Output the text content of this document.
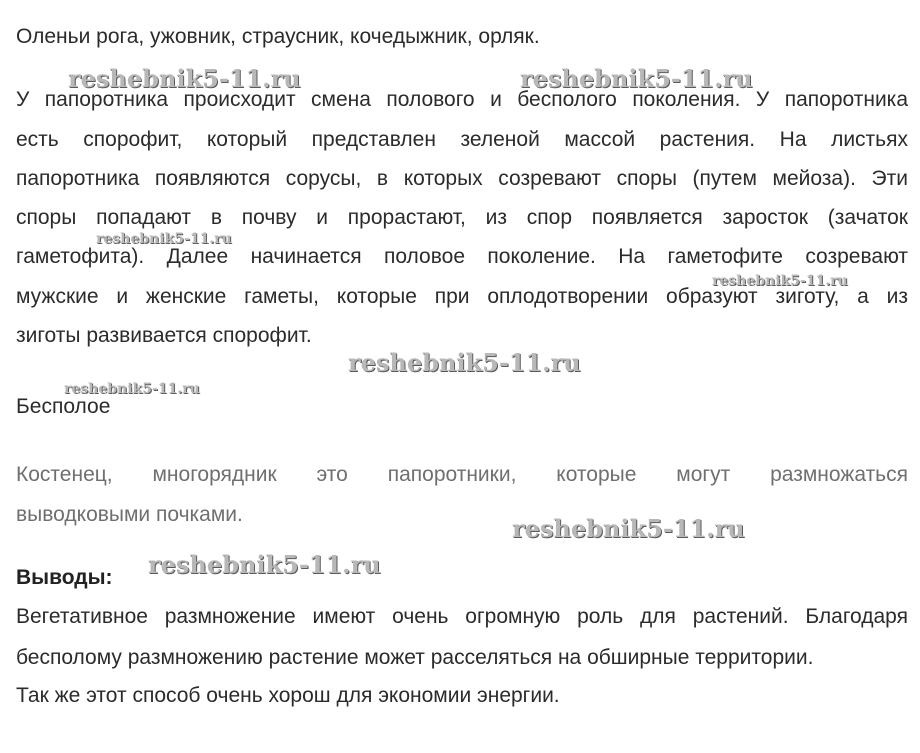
Оленьи рога, ужовник, страусник, кочедыжник, орляк.
У папоротника происходит смена полового и бесполого поколения. У папоротника
есть спорофит, который представлен зеленой массой растения. На листьях
папоротника появляются сорусы, в которых созревают споры (путем мейоза). Эти
споры попадают в почву и прорастают, из спор появляется заросток (зачаток
гаметофита). Далее начинается половое поколение. На гаметофите созревают
мужские и женские гаметы, которые при оплодотворении образуют зиготу, а из
зиготы развивается спорофит.
Бесполое
Костенец, многорядник это папоротники, которые могут размножаться
выводковыми почками.
Выводы:
Вегетативное размножение имеют очень огромную роль для растений. Благодаря
бесполому размножению растение может расселяться на обширные территории.
Так же этот способ очень хорош для экономии энергии.
reshebnik5-11.ru	reshebnik5-11.ru
reshebnik5-11.ru
reshebnik5-11.ru
reshebnik5-11.ru
reshebnik5-11.ru
reshebnik5-11.ru
reshebnik5-11.ru
